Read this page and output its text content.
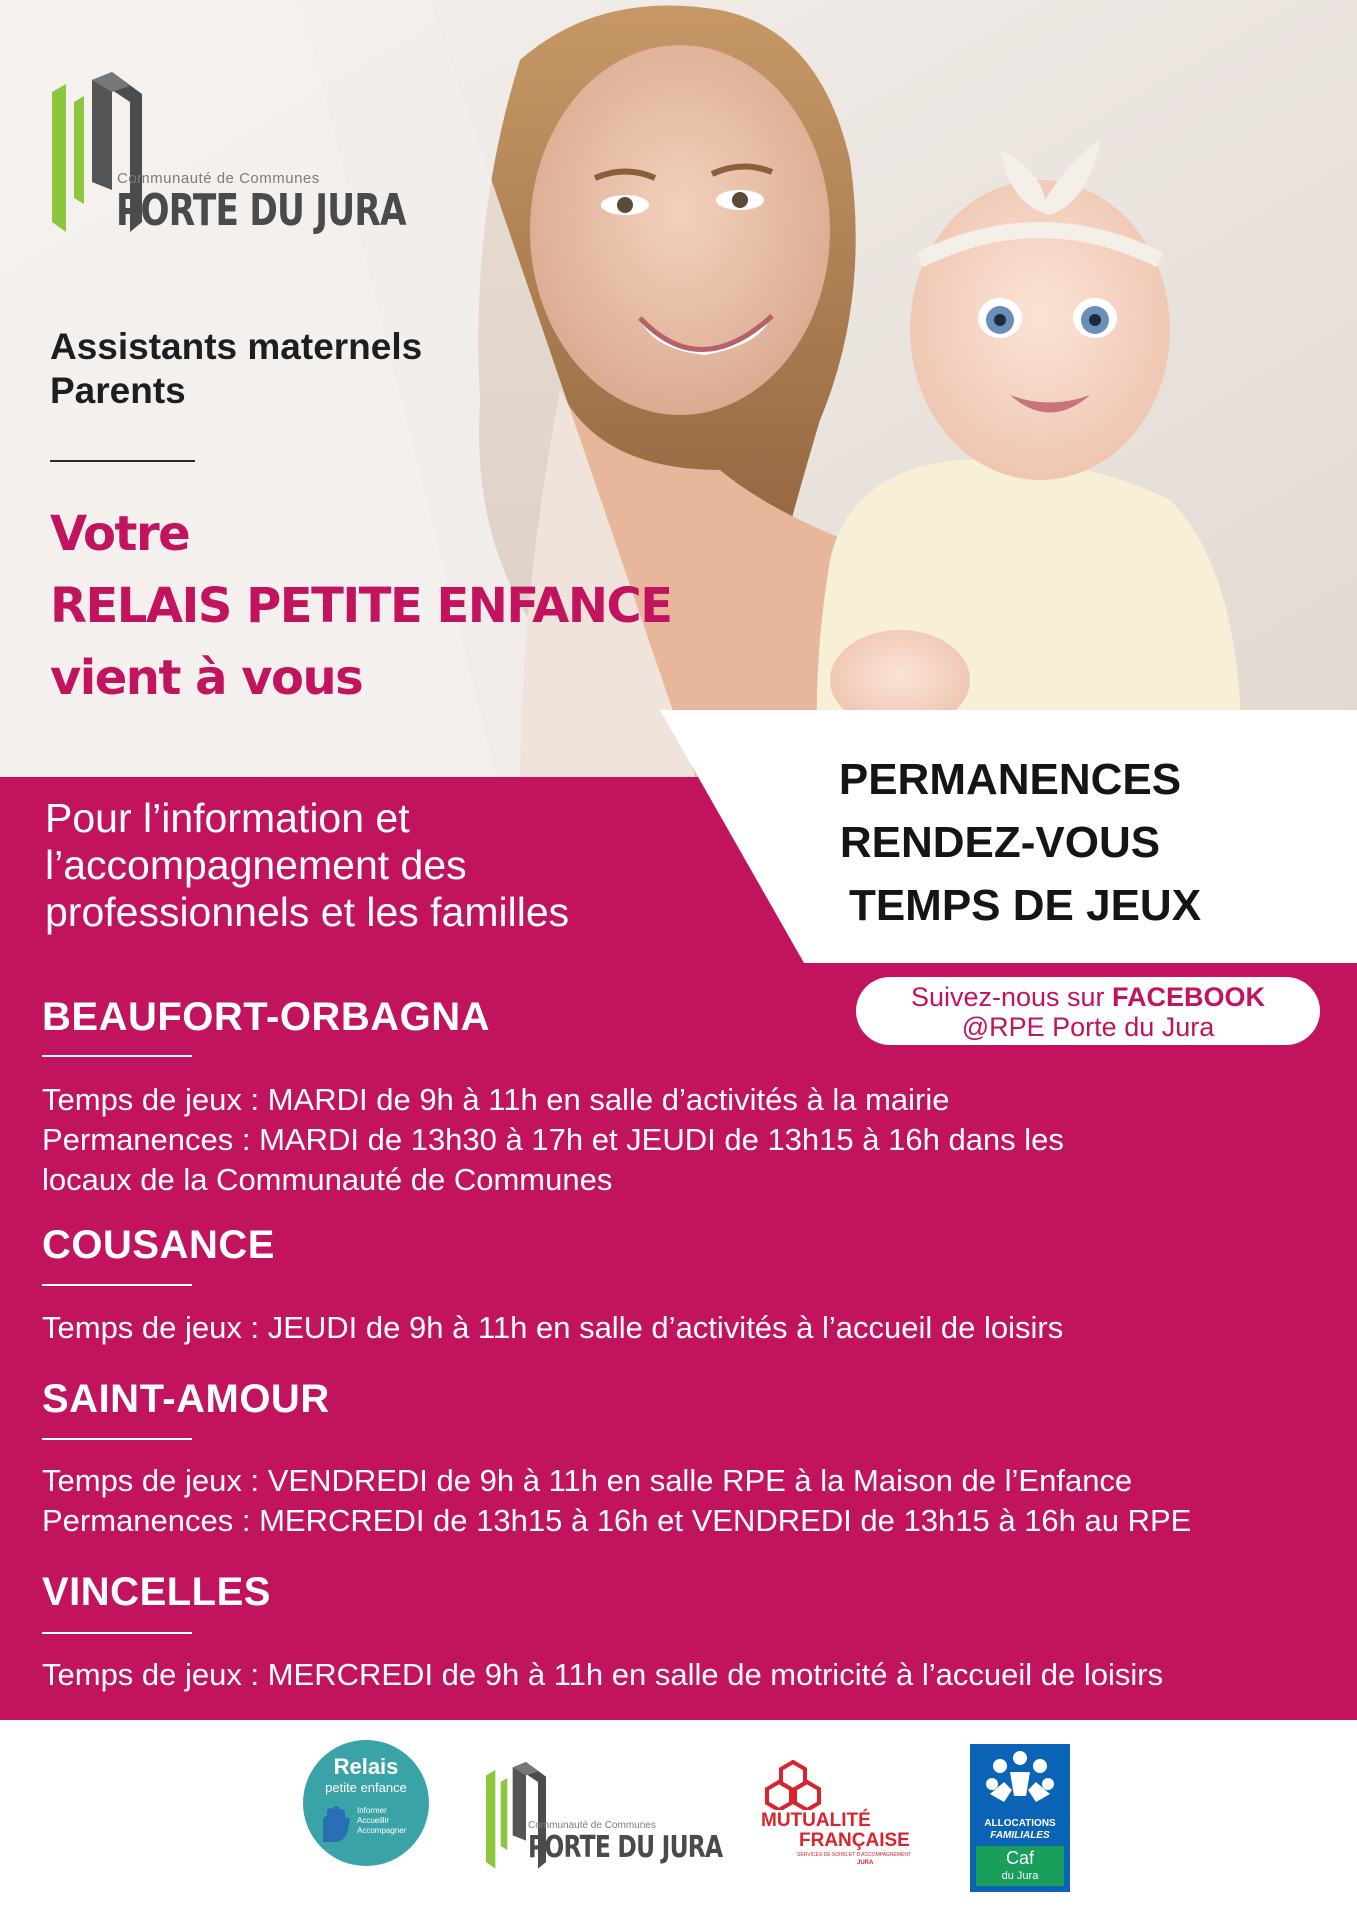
Communauté de Communes
PORTE DU JURA
Assistants maternels
Parents
Votre
RELAIS PETITE ENFANCE
vient à vous
PERMANENCES
RENDEZ-VOUS
TEMPS DE JEUX
Pour l’information et
l’accompagnement des
professionnels et les familles
Suivez-nous sur FACEBOOK
@RPE Porte du Jura
BEAUFORT-ORBAGNA
Temps de jeux : MARDI de 9h à 11h en salle d’activités à la mairie
Permanences : MARDI de 13h30 à 17h et JEUDI de 13h15 à 16h dans les
locaux de la Communauté de Communes
COUSANCE
Temps de jeux : JEUDI de 9h à 11h en salle d’activités à l’accueil de loisirs
SAINT-AMOUR
Temps de jeux : VENDREDI de 9h à 11h en salle RPE à la Maison de l’Enfance
Permanences : MERCREDI de 13h15 à 16h et VENDREDI de 13h15 à 16h au RPE
VINCELLES
Temps de jeux : MERCREDI de 9h à 11h en salle de motricité à l’accueil de loisirs
Relais
petite enfance
Informer
Accueillir
Accompagner	Communauté de Communes
PORTE DU JURA
MUTUALITÉ
FRANÇAISE
SERVICES DE SOINS ET D'ACCOMPAGNEMENT
JURA
ALLOCATIONS
FAMILIALES
Caf
du Jura
